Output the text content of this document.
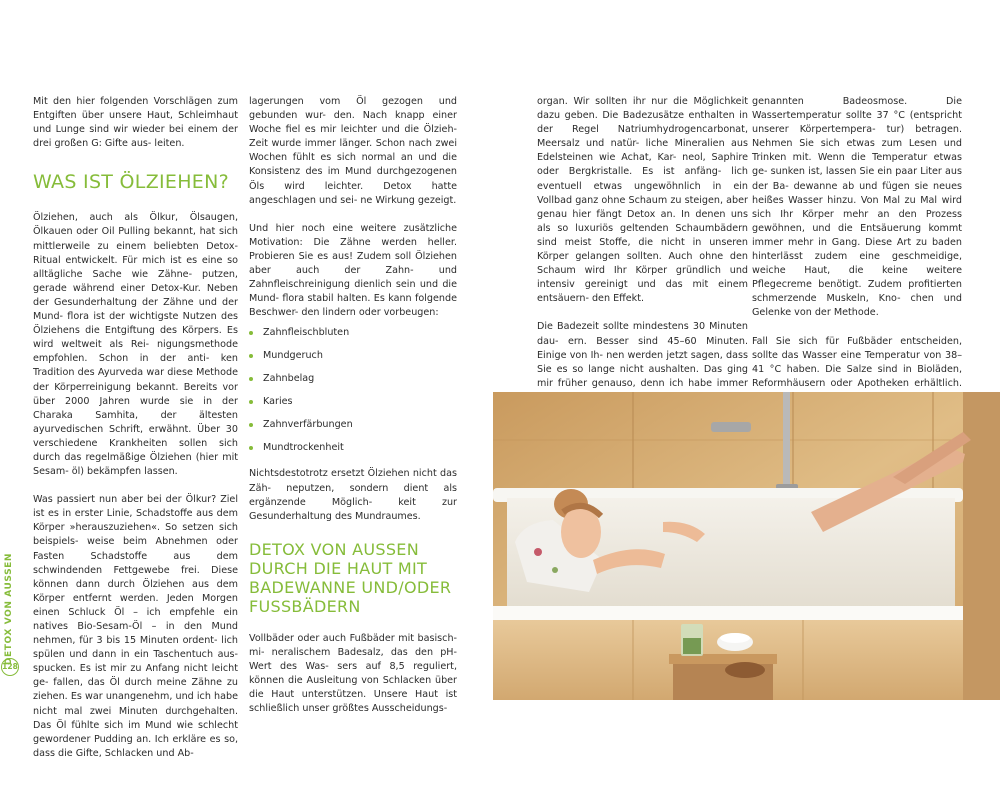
Mit den hier folgenden Vorschlägen zum Entgiften über unsere Haut, Schleimhaut und Lunge sind wir wieder bei einem der drei großen G: Gifte aus- leiten.

WAS IST ÖLZIEHEN?

Ölziehen, auch als Ölkur, Ölsaugen, Ölkauen oder Oil Pulling bekannt, hat sich mittlerweile zu einem beliebten Detox-Ritual entwickelt. Für mich ist es eine so alltägliche Sache wie Zähne- putzen, gerade während einer Detox-Kur. Neben der Gesunderhaltung der Zähne und der Mund- flora ist der wichtigste Nutzen des Ölziehens die Entgiftung des Körpers. Es wird weltweit als Rei- nigungsmethode empfohlen. Schon in der anti- ken Tradition des Ayurveda war diese Methode der Körperreinigung bekannt. Bereits vor über 2000 Jahren wurde sie in der Charaka Samhita, der ältesten ayurvedischen Schrift, erwähnt. Über 30 verschiedene Krankheiten sollen sich durch das regelmäßige Ölziehen (hier mit Sesam- öl) bekämpfen lassen.

Was passiert nun aber bei der Ölkur? Ziel ist es in erster Linie, Schadstoffe aus dem Körper »herauszuziehen«. So setzen sich beispiels- weise beim Abnehmen oder Fasten Schadstoffe aus dem schwindenden Fettgewebe frei. Diese können dann durch Ölziehen aus dem Körper entfernt werden. Jeden Morgen einen Schluck Öl – ich empfehle ein natives Bio-Sesam-Öl – in den Mund nehmen, für 3 bis 15 Minuten ordent- lich spülen und dann in ein Taschentuch aus- spucken. Es ist mir zu Anfang nicht leicht ge- fallen, das Öl durch meine Zähne zu ziehen. Es war unangenehm, und ich habe nicht mal zwei Minuten durchgehalten. Das Öl fühlte sich im Mund wie schlecht gewordener Pudding an. Ich erkläre es so, dass die Gifte, Schlacken und Ab-

lagerungen vom Öl gezogen und gebunden wur- den. Nach knapp einer Woche fiel es mir leichter und die Ölzieh-Zeit wurde immer länger. Schon nach zwei Wochen fühlt es sich normal an und die Konsistenz des im Mund durchgezogenen Öls wird leichter. Detox hatte angeschlagen und sei- ne Wirkung gezeigt.

Und hier noch eine weitere zusätzliche Motivation: Die Zähne werden heller. Probieren Sie es aus! Zudem soll Ölziehen aber auch der Zahn- und Zahnfleischreinigung dienlich sein und die Mund- flora stabil halten. Es kann folgende Beschwer- den lindern oder vorbeugen:

Zahnfleischbluten
Mundgeruch
Zahnbelag
Karies
Zahnverfärbungen
Mundtrockenheit

Nichtsdestotrotz ersetzt Ölziehen nicht das Zäh- neputzen, sondern dient als ergänzende Möglich- keit zur Gesunderhaltung des Mundraumes.

DETOX VON AUSSEN DURCH DIE HAUT MIT BADEWANNE UND/ODER FUSSBÄDERN

Vollbäder oder auch Fußbäder mit basisch-mi- neralischem Badesalz, das den pH-Wert des Was- sers auf 8,5 reguliert, können die Ausleitung von Schlacken über die Haut unterstützen. Unsere Haut ist schließlich unser größtes Ausscheidungs-

organ. Wir sollten ihr nur die Möglichkeit dazu geben. Die Badezusätze enthalten in der Regel Natriumhydrogencarbonat, Meersalz und natür- liche Mineralien aus Edelsteinen wie Achat, Kar- neol, Saphire oder Bergkristalle. Es ist anfäng- lich eventuell etwas ungewöhnlich in ein Vollbad ganz ohne Schaum zu steigen, aber genau hier fängt Detox an. In denen uns als so luxuriös geltenden Schaumbädern sind meist Stoffe, die nicht in unseren Körper gelangen sollten. Auch ohne den Schaum wird Ihr Körper gründlich und intensiv gereinigt und das mit einem entsäuern- den Effekt.

Die Badezeit sollte mindestens 30 Minuten dau- ern. Besser sind 45–60 Minuten. Einige von Ih- nen werden jetzt sagen, dass Sie es so lange nicht aushalten. Das ging mir früher genauso, denn ich habe immer

genannten Badeosmose. Die Wassertemperatur sollte 37 °C (entspricht unserer Körpertempera- tur) betragen. Nehmen Sie sich etwas zum Lesen und Trinken mit. Wenn die Temperatur etwas ge- sunken ist, lassen Sie ein paar Liter aus der Ba- dewanne ab und fügen sie neues heißes Wasser hinzu. Von Mal zu Mal wird sich Ihr Körper mehr an den Prozess gewöhnen, und die Entsäuerung kommt immer mehr in Gang. Diese Art zu baden hinterlässt zudem eine geschmeidige, weiche Haut, die keine weitere Pflegecreme benötigt. Zudem profitierten schmerzende Muskeln, Kno- chen und Gelenke von der Methode.

Fall Sie sich für Fußbäder entscheiden, sollte das Wasser eine Temperatur von 38–41 °C haben. Die Salze sind in Bioläden, Reformhäusern oder Apotheken erhältlich.

DETOX VON AUSSEN
128
